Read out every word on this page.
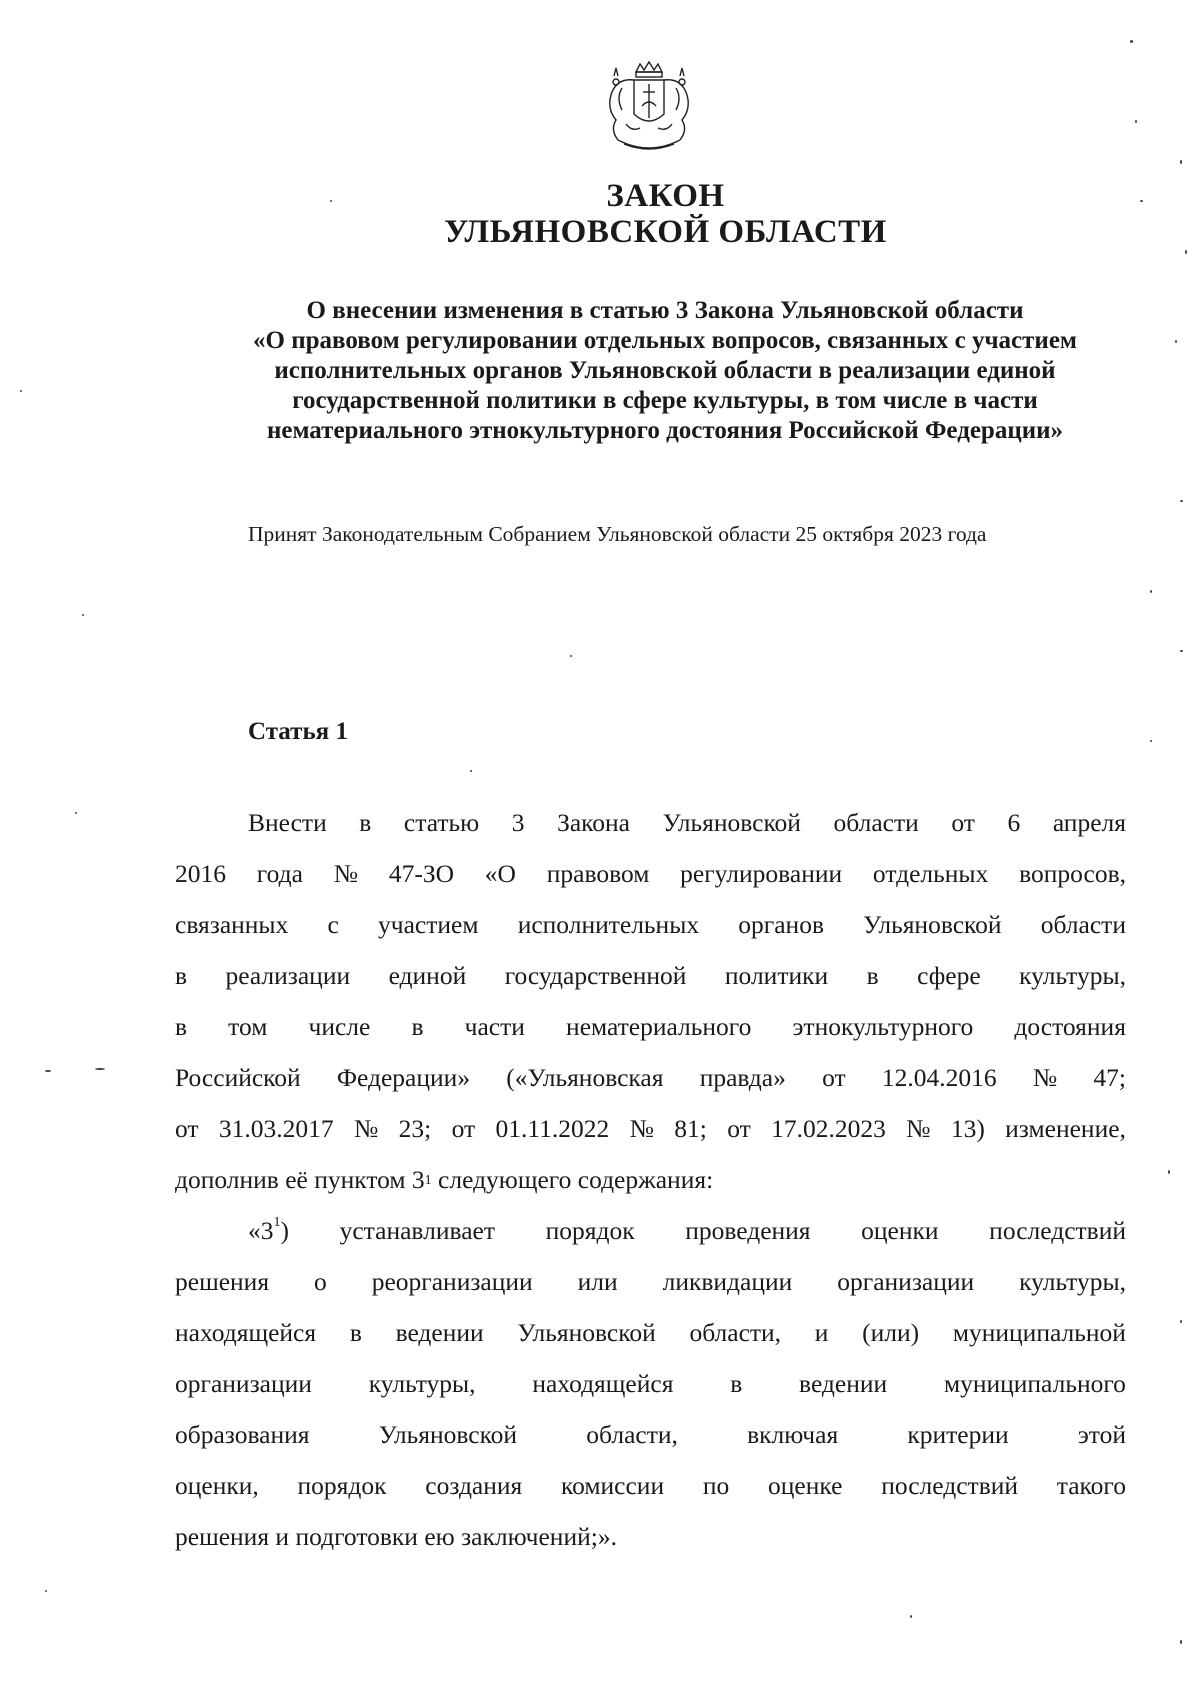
ЗАКОН
УЛЬЯНОВСКОЙ ОБЛАСТИ
О внесении изменения в статью 3 Закона Ульяновской области
«О правовом регулировании отдельных вопросов, связанных с участием
исполнительных органов Ульяновской области в реализации единой
государственной политики в сфере культуры, в том числе в части
нематериального этнокультурного достояния Российской Федерации»
Принят Законодательным Собранием Ульяновской области 25 октября 2023 года
Статья 1
Внести в статью 3 Закона Ульяновской области от 6 апреля
2016 года № 47-ЗО «О правовом регулировании отдельных вопросов,
связанных с участием исполнительных органов Ульяновской области
в реализации единой государственной политики в сфере культуры,
в том числе в части нематериального этнокультурного достояния
Российской Федерации» («Ульяновская правда» от 12.04.2016 № 47;
от 31.03.2017 № 23; от 01.11.2022 № 81; от 17.02.2023 № 13) изменение,
дополнив её пунктом $3^1$ следующего содержания:
«$3^1$) устанавливает порядок проведения оценки последствий
решения о реорганизации или ликвидации организации культуры,
находящейся в ведении Ульяновской области, и (или) муниципальной
организации культуры, находящейся в ведении муниципального
образования	Ульяновской	области,	включая	критерии	этой
оценки, порядок создания комиссии по оценке последствий такого
решения и подготовки ею заключений;».
